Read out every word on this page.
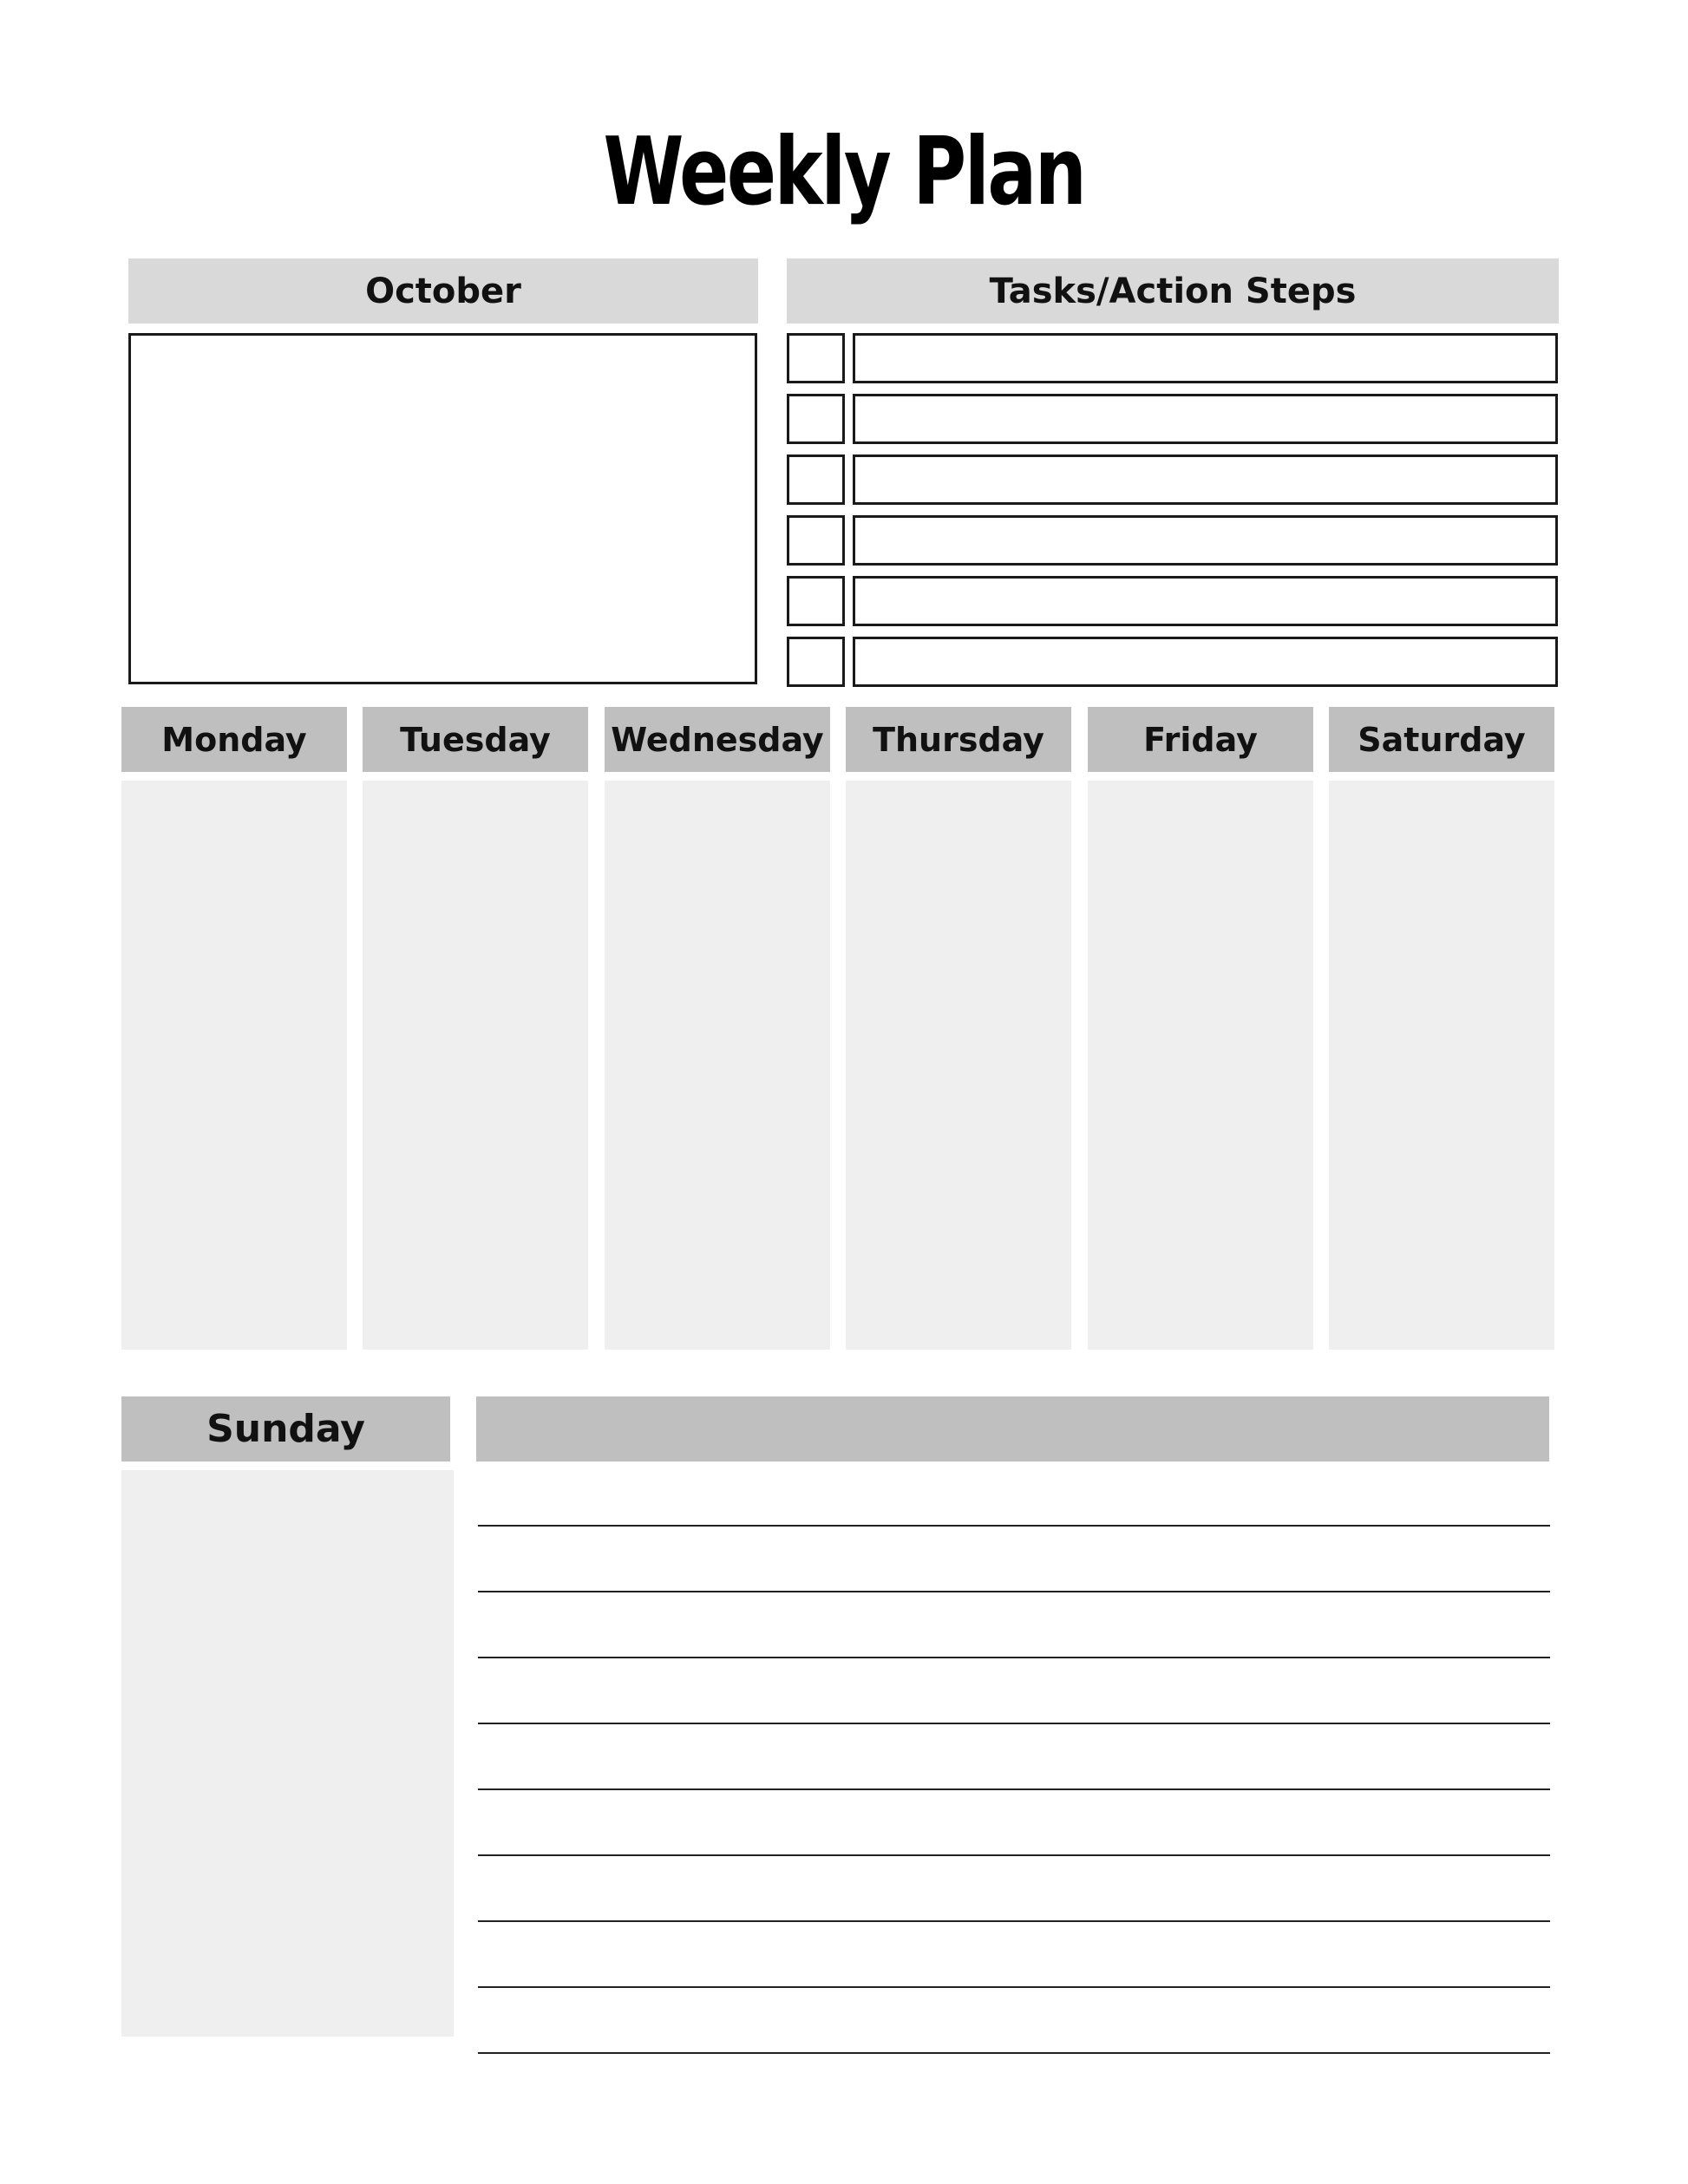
Weekly Plan
October	Tasks/Action Steps
Monday	Tuesday	Wednesday	Thursday	Friday	Saturday
Sunday
